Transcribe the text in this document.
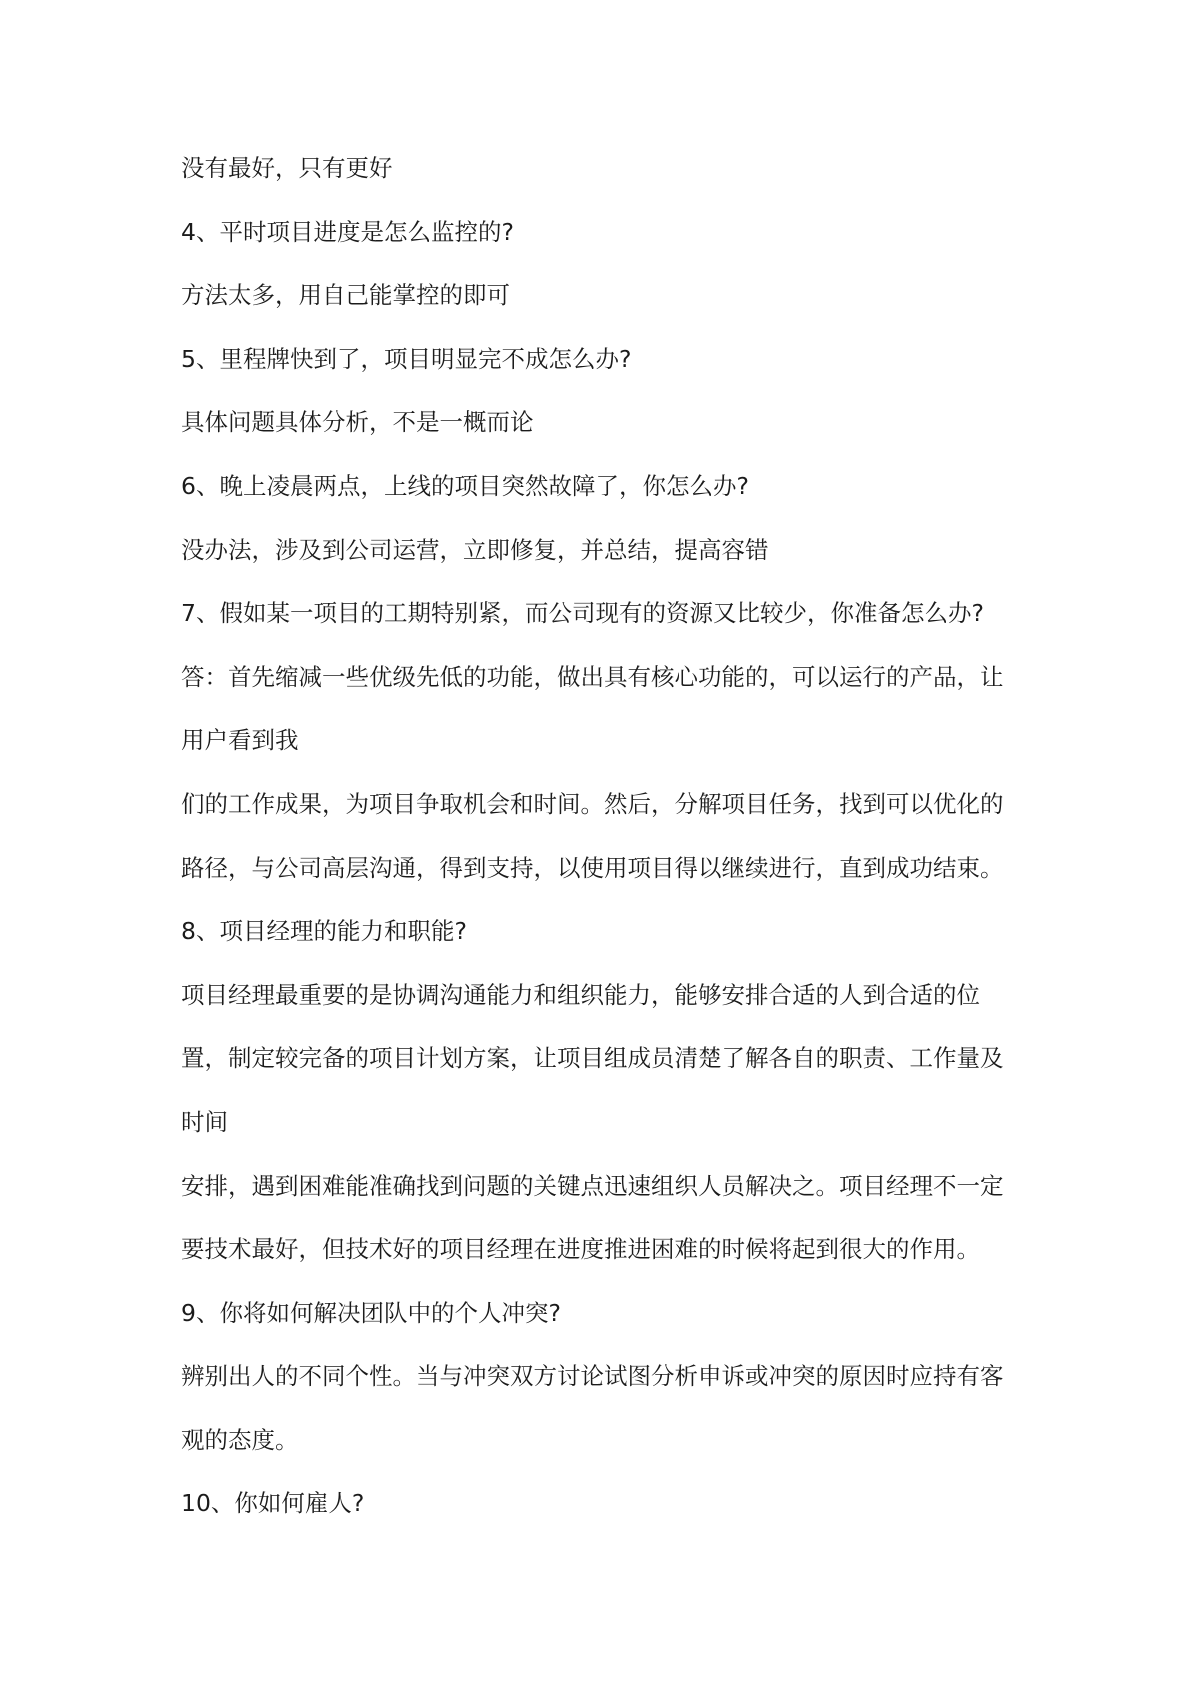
没有最好，只有更好
4、平时项目进度是怎么监控的?
方法太多，用自己能掌控的即可
5、里程牌快到了，项目明显完不成怎么办?
具体问题具体分析，不是一概而论
6、晚上凌晨两点，上线的项目突然故障了，你怎么办?
没办法，涉及到公司运营，立即修复，并总结，提高容错
7、假如某一项目的工期特别紧，而公司现有的资源又比较少，你准备怎么办?
答：首先缩减一些优级先低的功能，做出具有核心功能的，可以运行的产品，让
用户看到我
们的工作成果，为项目争取机会和时间。然后，分解项目任务，找到可以优化的
路径，与公司高层沟通，得到支持，以使用项目得以继续进行，直到成功结束。
8、项目经理的能力和职能?
项目经理最重要的是协调沟通能力和组织能力，能够安排合适的人到合适的位
置，制定较完备的项目计划方案，让项目组成员清楚了解各自的职责、工作量及
时间
安排，遇到困难能准确找到问题的关键点迅速组织人员解决之。项目经理不一定
要技术最好，但技术好的项目经理在进度推进困难的时候将起到很大的作用。
9、你将如何解决团队中的个人冲突?
辨别出人的不同个性。当与冲突双方讨论试图分析申诉或冲突的原因时应持有客
观的态度。
10、你如何雇人?
